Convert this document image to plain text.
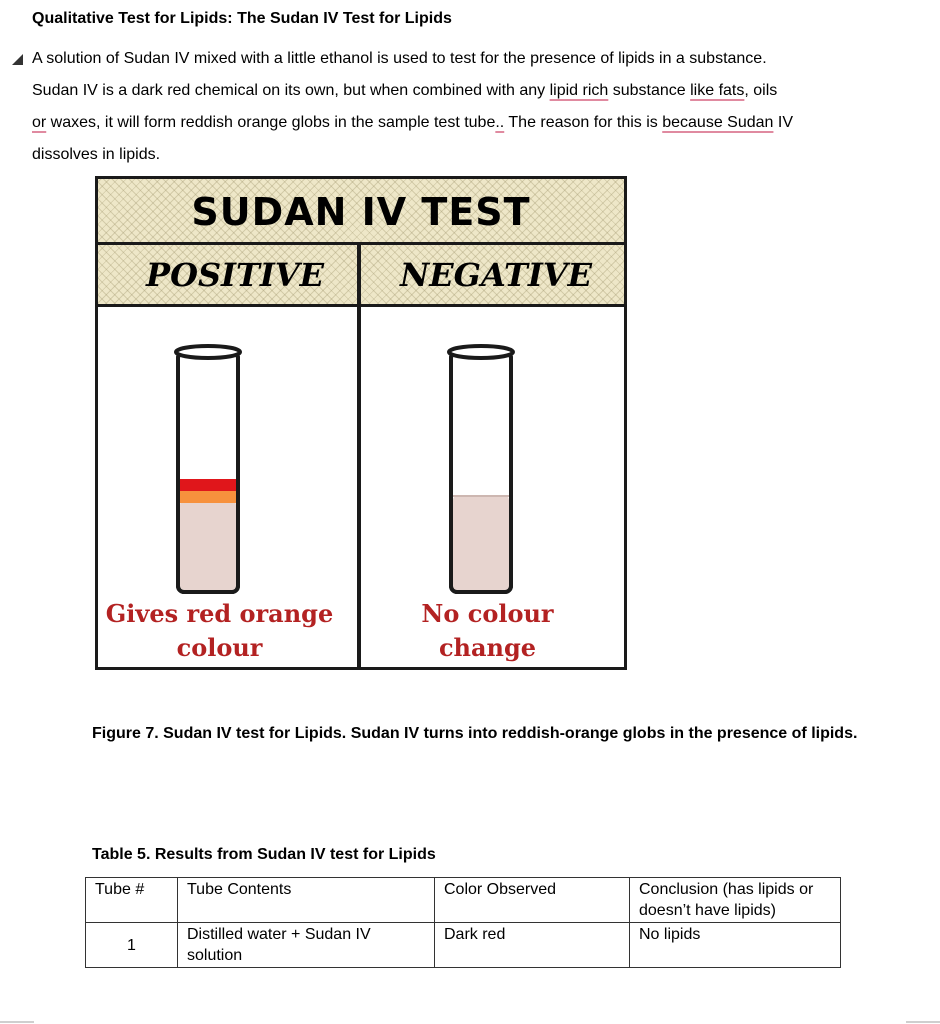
Qualitative Test for Lipids: The Sudan IV Test for Lipids
A solution of Sudan IV mixed with a little ethanol is used to test for the presence of lipids in a substance.
Sudan IV is a dark red chemical on its own, but when combined with any lipid rich substance like fats, oils
or waxes, it will form reddish orange globs in the sample test tube.. The reason for this is because Sudan IV
dissolves in lipids.
SUDAN IV TEST
POSITIVE NEGATIVE
Gives red orange
colour
No colour
change
Figure 7. Sudan IV test for Lipids. Sudan IV turns into reddish-orange globs in the presence of lipids.
Table 5. Results from Sudan IV test for Lipids
Tube #	Tube Contents	Color Observed	Conclusion (has lipids or doesn’t have lipids)
1	Distilled water + Sudan IV solution	Dark red	No lipids
